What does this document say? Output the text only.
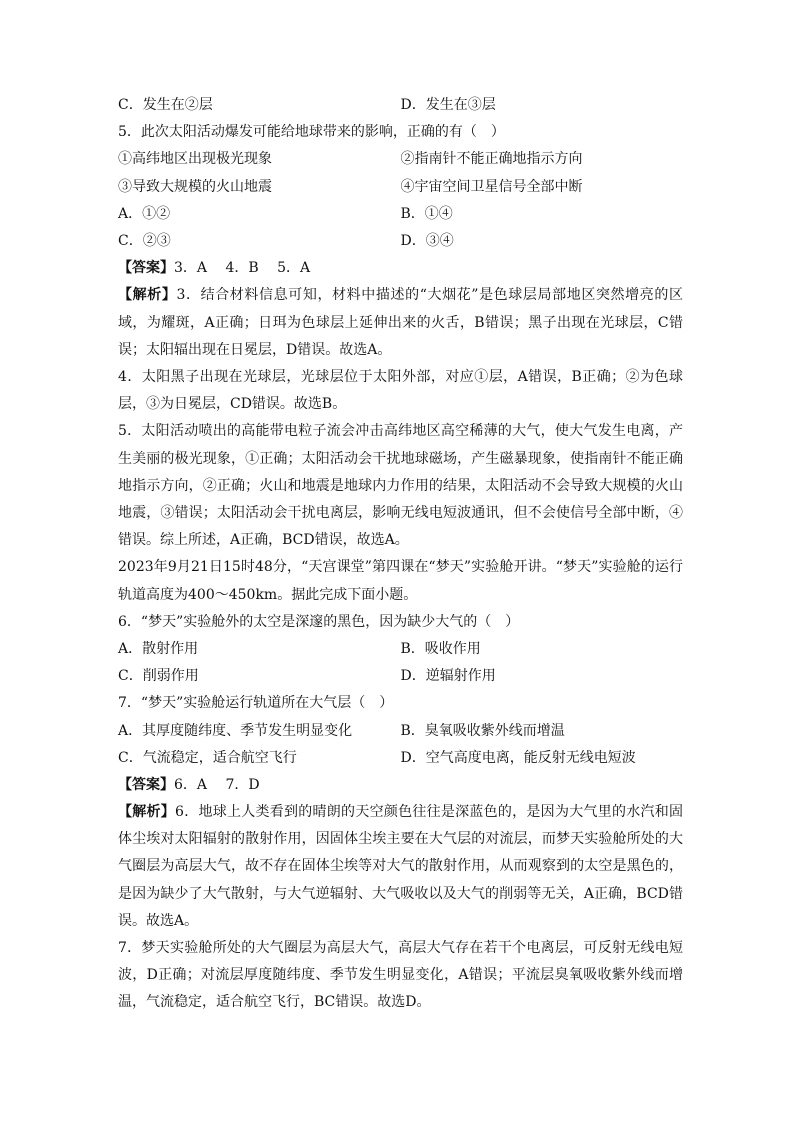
C．发生在②层	D．发生在③层
5．此次太阳活动爆发可能给地球带来的影响，正确的有（　）
①高纬地区出现极光现象	②指南针不能正确地指示方向
③导致大规模的火山地震	④宇宙空间卫星信号全部中断
A．①②	B．①④
C．②③	D．③④
【答案】3．A　 4．B　 5．A
【解析】3．结合材料信息可知，材料中描述的“大烟花”是色球层局部地区突然增亮的区域，为耀斑，A正确；日珥为色球层上延伸出来的火舌，B错误；黑子出现在光球层，C错误；太阳辐出现在日冕层，D错误。故选A。
4．太阳黑子出现在光球层，光球层位于太阳外部，对应①层，A错误，B正确；②为色球层，③为日冕层，CD错误。故选B。
5．太阳活动喷出的高能带电粒子流会冲击高纬地区高空稀薄的大气，使大气发生电离，产生美丽的极光现象，①正确；太阳活动会干扰地球磁场，产生磁暴现象，使指南针不能正确地指示方向，②正确；火山和地震是地球内力作用的结果，太阳活动不会导致大规模的火山地震，③错误；太阳活动会干扰电离层，影响无线电短波通讯，但不会使信号全部中断，④错误。综上所述，A正确，BCD错误，故选A。
2023年9月21日15时48分，“天宫课堂”第四课在“梦天”实验舱开讲。“梦天”实验舱的运行轨道高度为400～450km。据此完成下面小题。
6．“梦天”实验舱外的太空是深邃的黑色，因为缺少大气的（　）
A．散射作用	B．吸收作用
C．削弱作用	D．逆辐射作用
7．“梦天”实验舱运行轨道所在大气层（　）
A．其厚度随纬度、季节发生明显变化	B．臭氧吸收紫外线而增温
C．气流稳定，适合航空飞行	D．空气高度电离，能反射无线电短波
【答案】6．A　 7．D
【解析】6．地球上人类看到的晴朗的天空颜色往往是深蓝色的，是因为大气里的水汽和固体尘埃对太阳辐射的散射作用，因固体尘埃主要在大气层的对流层，而梦天实验舱所处的大气圈层为高层大气，故不存在固体尘埃等对大气的散射作用，从而观察到的太空是黑色的，是因为缺少了大气散射，与大气逆辐射、大气吸收以及大气的削弱等无关，A正确，BCD错误。故选A。
7．梦天实验舱所处的大气圈层为高层大气，高层大气存在若干个电离层，可反射无线电短波，D正确；对流层厚度随纬度、季节发生明显变化，A错误；平流层臭氧吸收紫外线而增温，气流稳定，适合航空飞行，BC错误。故选D。
